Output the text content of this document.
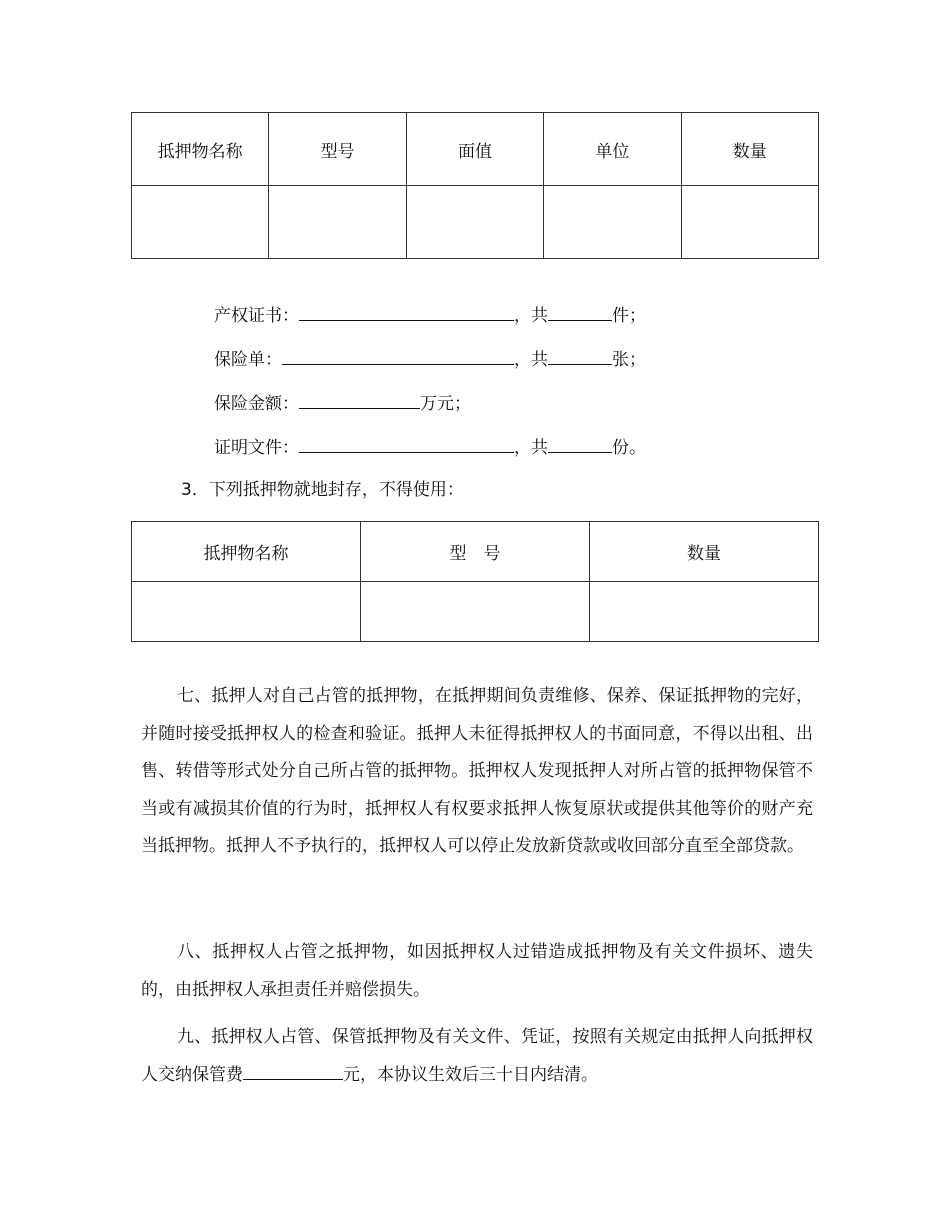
抵押物名称	型号	面值	单位	数量

产权证书：	，共	件；
保险单：	，共	张；
保险金额：	万元；
证明文件：	，共	份。
3．下列抵押物就地封存，不得使用：
抵押物名称	型　号	数量

七、抵押人对自己占管的抵押物，在抵押期间负责维修、保养、保证抵押物的完好，并随时接受抵押权人的检查和验证。抵押人未征得抵押权人的书面同意，不得以出租、出售、转借等形式处分自己所占管的抵押物。抵押权人发现抵押人对所占管的抵押物保管不当或有减损其价值的行为时，抵押权人有权要求抵押人恢复原状或提供其他等价的财产充当抵押物。抵押人不予执行的，抵押权人可以停止发放新贷款或收回部分直至全部贷款。

八、抵押权人占管之抵押物，如因抵押权人过错造成抵押物及有关文件损坏、遗失的，由抵押权人承担责任并赔偿损失。

九、抵押权人占管、保管抵押物及有关文件、凭证，按照有关规定由抵押人向抵押权人交纳保管费	元，本协议生效后三十日内结清。
